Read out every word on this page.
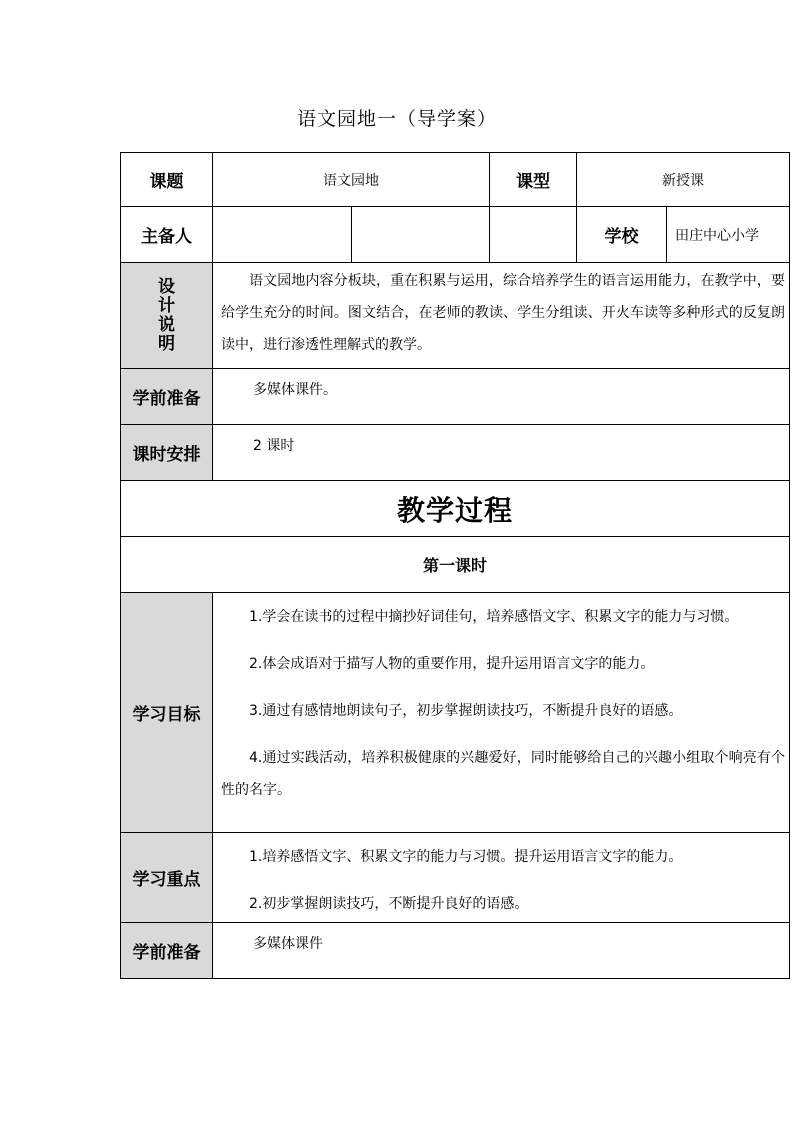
语文园地一（导学案）
课题	语文园地		课型	新授课	
主备人				学校	田庄中心小学

设
计
说
明	语文园地内容分板块，重在积累与运用，综合培养学生的语言运用能力，在教学中，要给学生充分的时间。图文结合，在老师的教读、学生分组读、开火车读等多种形式的反复朗读中，进行渗透性理解式的教学。				

学前准备	多媒体课件。				
课时安排	2 课时				
教学过程					
第一课时					
学习目标	1.学会在读书的过程中摘抄好词佳句，培养感悟文字、积累文字的能力与习惯。

2.体会成语对于描写人物的重要作用，提升运用语言文字的能力。

3.通过有感情地朗读句子，初步掌握朗读技巧，不断提升良好的语感。

4.通过实践活动，培养积极健康的兴趣爱好，同时能够给自己的兴趣小组取个响亮有个性的名字。				

学习重点	1.培养感悟文字、积累文字的能力与习惯。提升运用语言文字的能力。

2.初步掌握朗读技巧，不断提升良好的语感。				

学前准备	多媒体课件				
